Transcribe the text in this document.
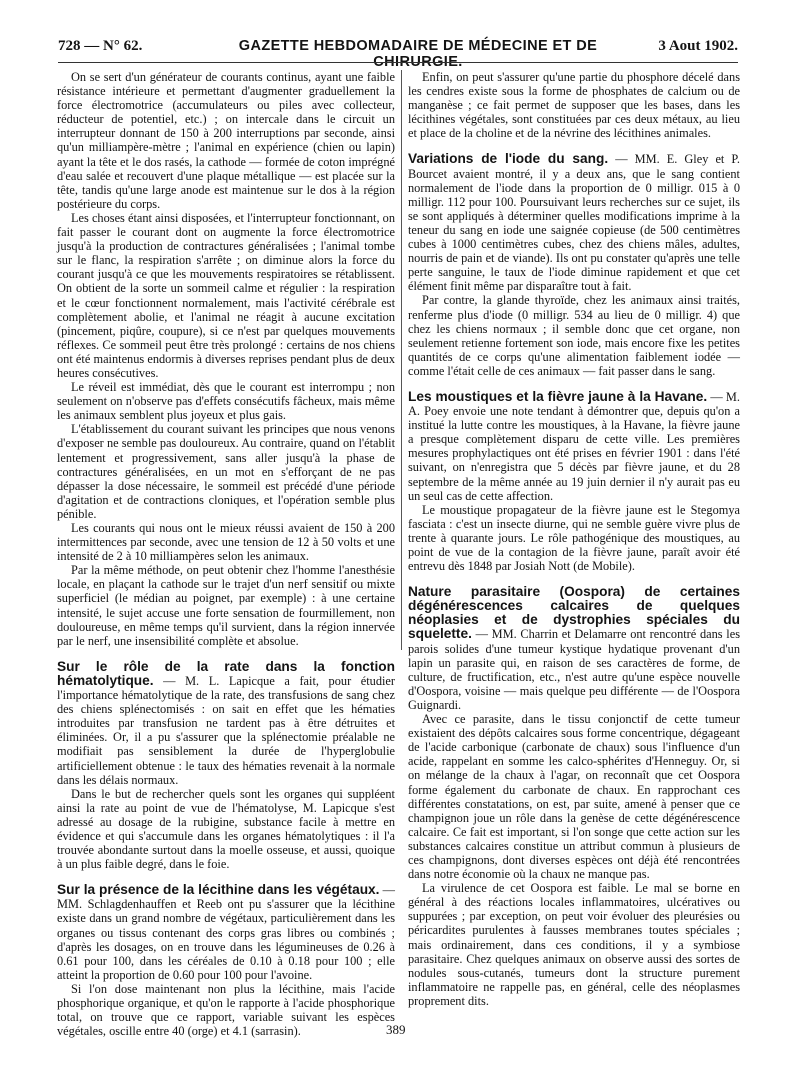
728 — N° 62.	GAZETTE HEBDOMADAIRE DE MÉDECINE ET DE CHIRURGIE.
3 Aout 1902.

On se sert d'un générateur de courants continus, ayant une faible résistance intérieure et permettant d'augmenter graduellement la force électromotrice (accumulateurs ou piles avec collecteur, réducteur de potentiel, etc.) ; on intercale dans le circuit un interrupteur donnant de 150 à 200 interruptions par seconde, ainsi qu'un milliampère-mètre ; l'animal en expérience (chien ou lapin) ayant la tête et le dos rasés, la cathode — formée de coton imprégné d'eau salée et recouvert d'une plaque métallique — est placée sur la tête, tandis qu'une large anode est maintenue sur le dos à la région postérieure du corps.

Les choses étant ainsi disposées, et l'interrupteur fonctionnant, on fait passer le courant dont on augmente la force électromotrice jusqu'à la production de contractures généralisées ; l'animal tombe sur le flanc, la respiration s'arrête ; on diminue alors la force du courant jusqu'à ce que les mouvements respiratoires se rétablissent. On obtient de la sorte un sommeil calme et régulier : la respiration et le cœur fonctionnent normalement, mais l'activité cérébrale est complètement abolie, et l'animal ne réagit à aucune excitation (pincement, piqûre, coupure), si ce n'est par quelques mouvements réflexes. Ce sommeil peut être très prolongé : certains de nos chiens ont été maintenus endormis à diverses reprises pendant plus de deux heures consécutives.

Le réveil est immédiat, dès que le courant est interrompu ; non seulement on n'observe pas d'effets consécutifs fâcheux, mais même les animaux semblent plus joyeux et plus gais.

L'établissement du courant suivant les principes que nous venons d'exposer ne semble pas douloureux. Au contraire, quand on l'établit lentement et progressivement, sans aller jusqu'à la phase de contractures généralisées, en un mot en s'efforçant de ne pas dépasser la dose nécessaire, le sommeil est précédé d'une période d'agitation et de contractions cloniques, et l'opération semble plus pénible.

Les courants qui nous ont le mieux réussi avaient de 150 à 200 intermittences par seconde, avec une tension de 12 à 50 volts et une intensité de 2 à 10 milliampères selon les animaux.

Par la même méthode, on peut obtenir chez l'homme l'anesthésie locale, en plaçant la cathode sur le trajet d'un nerf sensitif ou mixte superficiel (le médian au poignet, par exemple) : à une certaine intensité, le sujet accuse une forte sensation de fourmillement, non douloureuse, en même temps qu'il survient, dans la région innervée par le nerf, une insensibilité complète et absolue.

Sur le rôle de la rate dans la fonction hématolytique. — M. L. Lapicque a fait, pour étudier l'importance hématolytique de la rate, des transfusions de sang chez des chiens splénectomisés : on sait en effet que les hématies introduites par transfusion ne tardent pas à être détruites et éliminées. Or, il a pu s'assurer que la splénectomie préalable ne modifiait pas sensiblement la durée de l'hyperglobulie artificiellement obtenue : le taux des hématies revenait à la normale dans les délais normaux.

Dans le but de rechercher quels sont les organes qui suppléent ainsi la rate au point de vue de l'hématolyse, M. Lapicque s'est adressé au dosage de la rubigine, substance facile à mettre en évidence et qui s'accumule dans les organes hématolytiques : il l'a trouvée abondante surtout dans la moelle osseuse, et aussi, quoique à un plus faible degré, dans le foie.

Sur la présence de la lécithine dans les végétaux. — MM. Schlagdenhauffen et Reeb ont pu s'assurer que la lécithine existe dans un grand nombre de végétaux, particulièrement dans les organes ou tissus contenant des corps gras libres ou combinés ; d'après les dosages, on en trouve dans les légumineuses de 0.26 à 0.61 pour 100, dans les céréales de 0.10 à 0.18 pour 100 ; elle atteint la proportion de 0.60 pour 100 pour l'avoine.

Si l'on dose maintenant non plus la lécithine, mais l'acide phosphorique organique, et qu'on le rapporte à l'acide phosphorique total, on trouve que ce rapport, variable suivant les espèces végétales, oscille entre 40 (orge) et 4.1 (sarrasin).

Enfin, on peut s'assurer qu'une partie du phosphore décelé dans les cendres existe sous la forme de phosphates de calcium ou de manganèse ; ce fait permet de supposer que les bases, dans les lécithines végétales, sont constituées par ces deux métaux, au lieu et place de la choline et de la névrine des lécithines animales.

Variations de l'iode du sang. — MM. E. Gley et P. Bourcet avaient montré, il y a deux ans, que le sang contient normalement de l'iode dans la proportion de 0 milligr. 015 à 0 milligr. 112 pour 100. Poursuivant leurs recherches sur ce sujet, ils se sont appliqués à déterminer quelles modifications imprime à la teneur du sang en iode une saignée copieuse (de 500 centimètres cubes à 1000 centimètres cubes, chez des chiens mâles, adultes, nourris de pain et de viande). Ils ont pu constater qu'après une telle perte sanguine, le taux de l'iode diminue rapidement et que cet élément finit même par disparaître tout à fait.

Par contre, la glande thyroïde, chez les animaux ainsi traités, renferme plus d'iode (0 milligr. 534 au lieu de 0 milligr. 4) que chez les chiens normaux ; il semble donc que cet organe, non seulement retienne fortement son iode, mais encore fixe les petites quantités de ce corps qu'une alimentation faiblement iodée — comme l'était celle de ces animaux — fait passer dans le sang.

Les moustiques et la fièvre jaune à la Havane. — M. A. Poey envoie une note tendant à démontrer que, depuis qu'on a institué la lutte contre les moustiques, à la Havane, la fièvre jaune a presque complètement disparu de cette ville. Les premières mesures prophylactiques ont été prises en février 1901 : dans l'été suivant, on n'enregistra que 5 décès par fièvre jaune, et du 28 septembre de la même année au 19 juin dernier il n'y aurait pas eu un seul cas de cette affection.

Le moustique propagateur de la fièvre jaune est le Stegomya fasciata : c'est un insecte diurne, qui ne semble guère vivre plus de trente à quarante jours. Le rôle pathogénique des moustiques, au point de vue de la contagion de la fièvre jaune, paraît avoir été entrevu dès 1848 par Josiah Nott (de Mobile).

Nature parasitaire (Oospora) de certaines dégénérescences calcaires de quelques néoplasies et de dystrophies spéciales du squelette. — MM. Charrin et Delamarre ont rencontré dans les parois solides d'une tumeur kystique hydatique provenant d'un lapin un parasite qui, en raison de ses caractères de forme, de culture, de fructification, etc., n'est autre qu'une espèce nouvelle d'Oospora, voisine — mais quelque peu différente — de l'Oospora Guignardi.

Avec ce parasite, dans le tissu conjonctif de cette tumeur existaient des dépôts calcaires sous forme concentrique, dégageant de l'acide carbonique (carbonate de chaux) sous l'influence d'un acide, rappelant en somme les calco-sphérites d'Henneguy. Or, si on mélange de la chaux à l'agar, on reconnaît que cet Oospora forme également du carbonate de chaux. En rapprochant ces différentes constatations, on est, par suite, amené à penser que ce champignon joue un rôle dans la genèse de cette dégénérescence calcaire. Ce fait est important, si l'on songe que cette action sur les substances calcaires constitue un attribut commun à plusieurs de ces champignons, dont diverses espèces ont déjà été rencontrées dans notre économie où la chaux ne manque pas.

La virulence de cet Oospora est faible. Le mal se borne en général à des réactions locales inflammatoires, ulcératives ou suppurées ; par exception, on peut voir évoluer des pleurésies ou péricardites purulentes à fausses membranes toutes spéciales ; mais ordinairement, dans ces conditions, il y a symbiose parasitaire. Chez quelques animaux on observe aussi des sortes de nodules sous-cutanés, tumeurs dont la structure purement inflammatoire ne rappelle pas, en général, celle des néoplasmes proprement dits.

389
